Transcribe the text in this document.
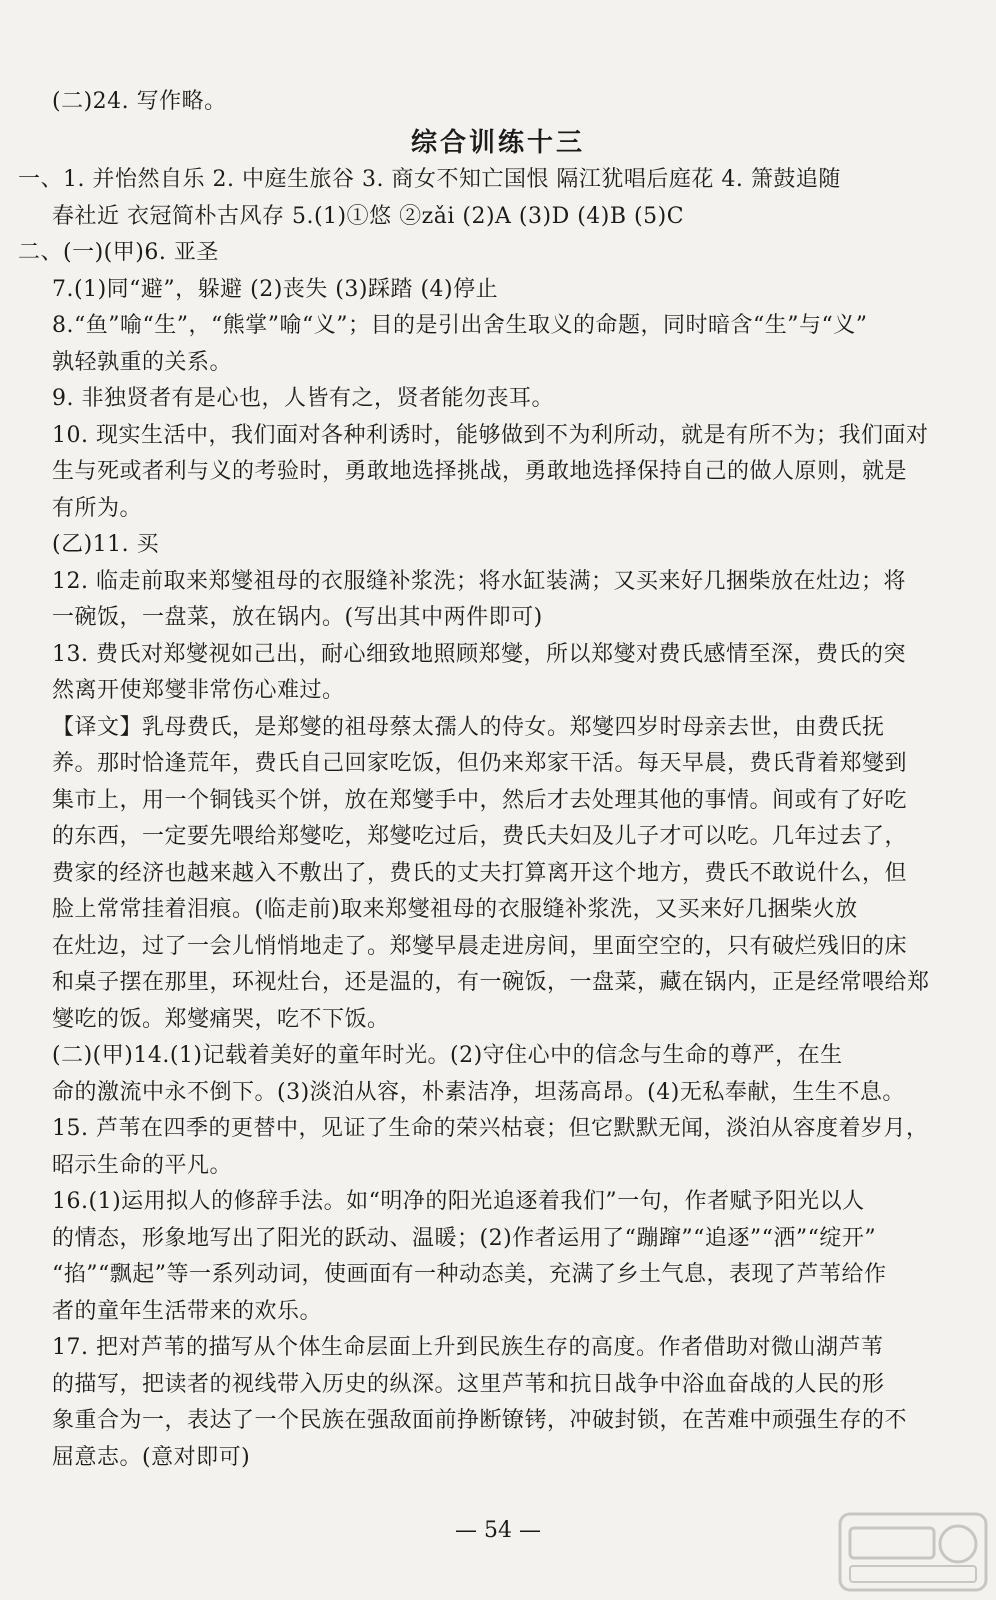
(二)24. 写作略。
综合训练十三
一、1. 并怡然自乐 2. 中庭生旅谷 3. 商女不知亡国恨 隔江犹唱后庭花 4. 箫鼓追随
春社近 衣冠简朴古风存 5.(1)①悠 ②zǎi (2)A (3)D (4)B (5)C
二、(一)(甲)6. 亚圣
7.(1)同“避”，躲避 (2)丧失 (3)踩踏 (4)停止
8.“鱼”喻“生”，“熊掌”喻“义”；目的是引出舍生取义的命题，同时暗含“生”与“义”
孰轻孰重的关系。
9. 非独贤者有是心也，人皆有之，贤者能勿丧耳。
10. 现实生活中，我们面对各种利诱时，能够做到不为利所动，就是有所不为；我们面对
生与死或者利与义的考验时，勇敢地选择挑战，勇敢地选择保持自己的做人原则，就是
有所为。
(乙)11. 买
12. 临走前取来郑燮祖母的衣服缝补浆洗；将水缸装满；又买来好几捆柴放在灶边；将
一碗饭，一盘菜，放在锅内。(写出其中两件即可)
13. 费氏对郑燮视如己出，耐心细致地照顾郑燮，所以郑燮对费氏感情至深，费氏的突
然离开使郑燮非常伤心难过。
【译文】乳母费氏，是郑燮的祖母蔡太孺人的侍女。郑燮四岁时母亲去世，由费氏抚
养。那时恰逢荒年，费氏自己回家吃饭，但仍来郑家干活。每天早晨，费氏背着郑燮到
集市上，用一个铜钱买个饼，放在郑燮手中，然后才去处理其他的事情。间或有了好吃
的东西，一定要先喂给郑燮吃，郑燮吃过后，费氏夫妇及儿子才可以吃。几年过去了，
费家的经济也越来越入不敷出了，费氏的丈夫打算离开这个地方，费氏不敢说什么，但
脸上常常挂着泪痕。(临走前)取来郑燮祖母的衣服缝补浆洗，又买来好几捆柴火放
在灶边，过了一会儿悄悄地走了。郑燮早晨走进房间，里面空空的，只有破烂残旧的床
和桌子摆在那里，环视灶台，还是温的，有一碗饭，一盘菜，藏在锅内，正是经常喂给郑
燮吃的饭。郑燮痛哭，吃不下饭。
(二)(甲)14.(1)记载着美好的童年时光。(2)守住心中的信念与生命的尊严，在生
命的激流中永不倒下。(3)淡泊从容，朴素洁净，坦荡高昂。(4)无私奉献，生生不息。
15. 芦苇在四季的更替中，见证了生命的荣兴枯衰；但它默默无闻，淡泊从容度着岁月，
昭示生命的平凡。
16.(1)运用拟人的修辞手法。如“明净的阳光追逐着我们”一句，作者赋予阳光以人
的情态，形象地写出了阳光的跃动、温暖；(2)作者运用了“蹦蹿”“追逐”“洒”“绽开”
“掐”“飘起”等一系列动词，使画面有一种动态美，充满了乡土气息，表现了芦苇给作
者的童年生活带来的欢乐。
17. 把对芦苇的描写从个体生命层面上升到民族生存的高度。作者借助对微山湖芦苇
的描写，把读者的视线带入历史的纵深。这里芦苇和抗日战争中浴血奋战的人民的形
象重合为一，表达了一个民族在强敌面前挣断镣铐，冲破封锁，在苦难中顽强生存的不
屈意志。(意对即可)
— 54 —
